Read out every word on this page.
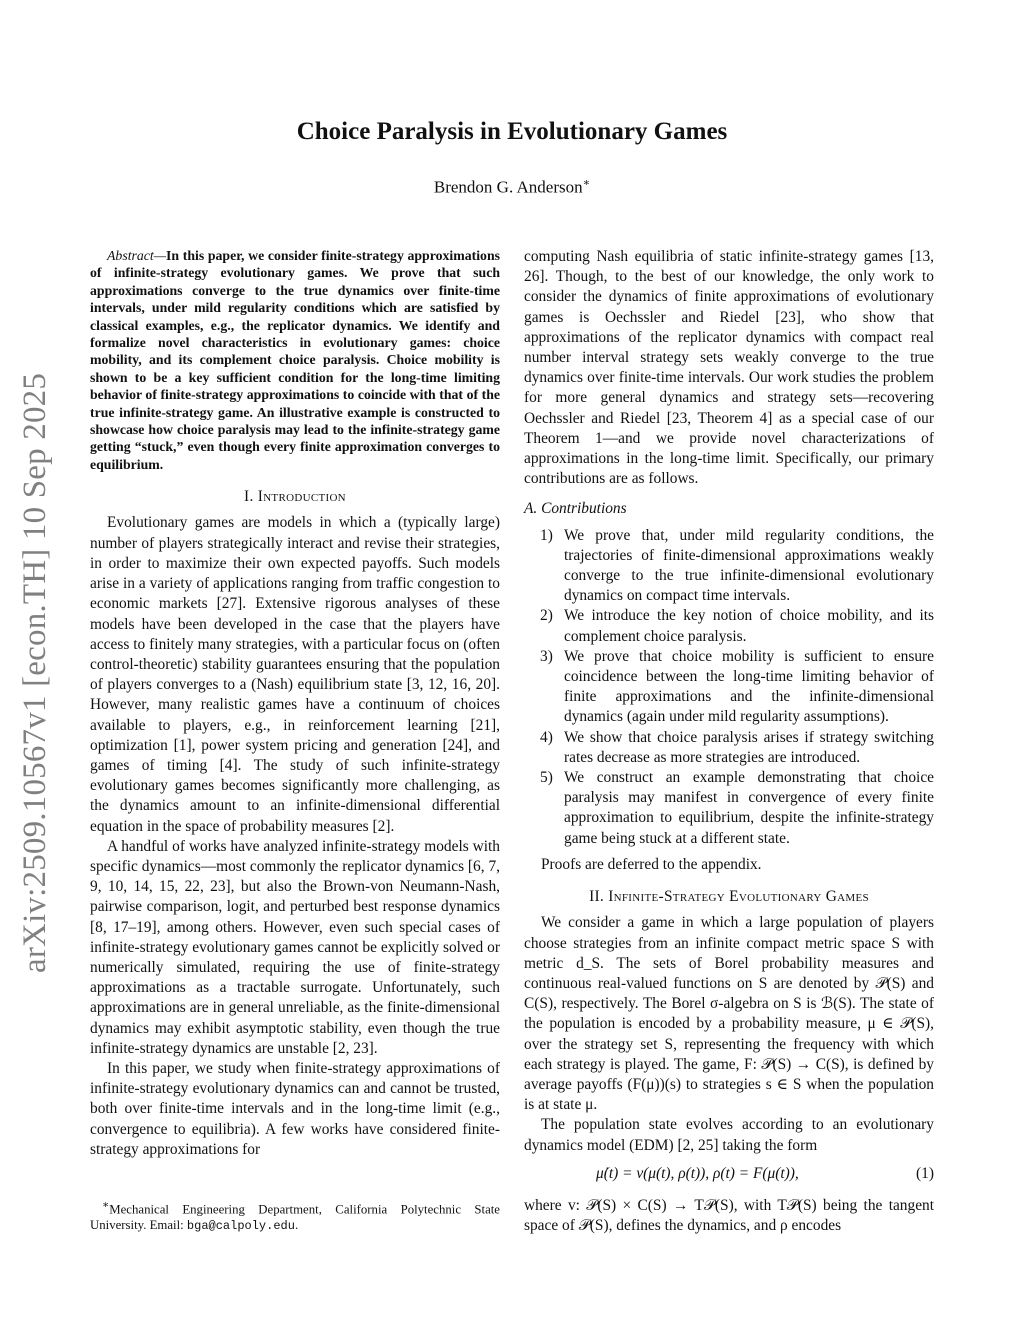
Choice Paralysis in Evolutionary Games
Brendon G. Anderson∗
arXiv:2509.10567v1 [econ.TH] 10 Sep 2025

Abstract—In this paper, we consider finite-strategy approximations of infinite-strategy evolutionary games. We prove that such approximations converge to the true dynamics over finite-time intervals, under mild regularity conditions which are satisfied by classical examples, e.g., the replicator dynamics. We identify and formalize novel characteristics in evolutionary games: choice mobility, and its complement choice paralysis. Choice mobility is shown to be a key sufficient condition for the long-time limiting behavior of finite-strategy approximations to coincide with that of the true infinite-strategy game. An illustrative example is constructed to showcase how choice paralysis may lead to the infinite-strategy game getting “stuck,” even though every finite approximation converges to equilibrium.

I. Introduction

Evolutionary games are models in which a (typically large) number of players strategically interact and revise their strategies, in order to maximize their own expected payoffs. Such models arise in a variety of applications ranging from traffic congestion to economic markets [27]. Extensive rigorous analyses of these models have been developed in the case that the players have access to finitely many strategies, with a particular focus on (often control-theoretic) stability guarantees ensuring that the population of players converges to a (Nash) equilibrium state [3, 12, 16, 20]. However, many realistic games have a continuum of choices available to players, e.g., in reinforcement learning [21], optimization [1], power system pricing and generation [24], and games of timing [4]. The study of such infinite-strategy evolutionary games becomes significantly more challenging, as the dynamics amount to an infinite-dimensional differential equation in the space of probability measures [2].

A handful of works have analyzed infinite-strategy models with specific dynamics—most commonly the replicator dynamics [6, 7, 9, 10, 14, 15, 22, 23], but also the Brown-von Neumann-Nash, pairwise comparison, logit, and perturbed best response dynamics [8, 17–19], among others. However, even such special cases of infinite-strategy evolutionary games cannot be explicitly solved or numerically simulated, requiring the use of finite-strategy approximations as a tractable surrogate. Unfortunately, such approximations are in general unreliable, as the finite-dimensional dynamics may exhibit asymptotic stability, even though the true infinite-strategy dynamics are unstable [2, 23].

In this paper, we study when finite-strategy approximations of infinite-strategy evolutionary dynamics can and cannot be trusted, both over finite-time intervals and in the long-time limit (e.g., convergence to equilibria). A few works have considered finite-strategy approximations for

computing Nash equilibria of static infinite-strategy games [13, 26]. Though, to the best of our knowledge, the only work to consider the dynamics of finite approximations of evolutionary games is Oechssler and Riedel [23], who show that approximations of the replicator dynamics with compact real number interval strategy sets weakly converge to the true dynamics over finite-time intervals. Our work studies the problem for more general dynamics and strategy sets—recovering Oechssler and Riedel [23, Theorem 4] as a special case of our Theorem 1—and we provide novel characterizations of approximations in the long-time limit. Specifically, our primary contributions are as follows.

A. Contributions
1) We prove that, under mild regularity conditions, the trajectories of finite-dimensional approximations weakly converge to the true infinite-dimensional evolutionary dynamics on compact time intervals.
2) We introduce the key notion of choice mobility, and its complement choice paralysis.
3) We prove that choice mobility is sufficient to ensure coincidence between the long-time limiting behavior of finite approximations and the infinite-dimensional dynamics (again under mild regularity assumptions).
4) We show that choice paralysis arises if strategy switching rates decrease as more strategies are introduced.
5) We construct an example demonstrating that choice paralysis may manifest in convergence of every finite approximation to equilibrium, despite the infinite-strategy game being stuck at a different state.

Proofs are deferred to the appendix.

II. Infinite-Strategy Evolutionary Games

We consider a game in which a large population of players choose strategies from an infinite compact metric space S with metric d_S. The sets of Borel probability measures and continuous real-valued functions on S are denoted by 𝒫(S) and C(S), respectively. The Borel σ-algebra on S is ℬ(S). The state of the population is encoded by a probability measure, μ ∈ 𝒫(S), over the strategy set S, representing the frequency with which each strategy is played. The game, F: 𝒫(S) → C(S), is defined by average payoffs (F(μ))(s) to strategies s ∈ S when the population is at state μ.

The population state evolves according to an evolutionary dynamics model (EDM) [2, 25] taking the form

μ̇(t) = v(μ(t), ρ(t)), ρ(t) = F(μ(t)),	(1)

where v: 𝒫(S) × C(S) → T𝒫(S), with T𝒫(S) being the tangent space of 𝒫(S), defines the dynamics, and ρ encodes

∗Mechanical Engineering Department, California Polytechnic State University. Email: bga@calpoly.edu.
